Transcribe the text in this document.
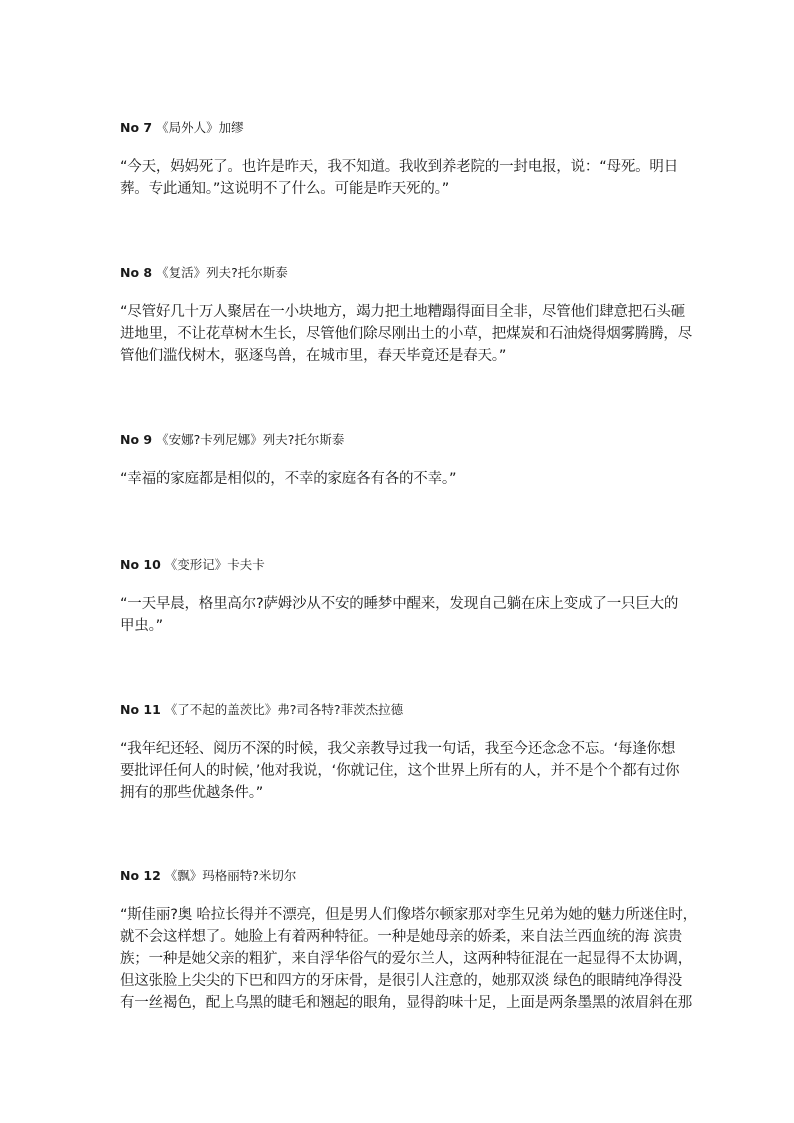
No 7 《局外人》加缪

“今天，妈妈死了。也许是昨天，我不知道。我收到养老院的一封电报，说：“母死。明日

葬。专此通知。”这说明不了什么。可能是昨天死的。”

No 8 《复活》列夫?托尔斯泰

“尽管好几十万人聚居在一小块地方，竭力把土地糟蹋得面目全非，尽管他们肆意把石头砸

进地里，不让花草树木生长，尽管他们除尽刚出土的小草，把煤炭和石油烧得烟雾腾腾，尽

管他们滥伐树木，驱逐鸟兽，在城市里，春天毕竟还是春天。”

No 9 《安娜?卡列尼娜》列夫?托尔斯泰

“幸福的家庭都是相似的，不幸的家庭各有各的不幸。”

No 10 《变形记》卡夫卡

“一天早晨，格里高尔?萨姆沙从不安的睡梦中醒来，发现自己躺在床上变成了一只巨大的

甲虫。”

No 11 《了不起的盖茨比》弗?司各特?菲茨杰拉德

“我年纪还轻、阅历不深的时候，我父亲教导过我一句话，我至今还念念不忘。‘每逢你想

要批评任何人的时候，’他对我说，‘你就记住，这个世界上所有的人，并不是个个都有过你

拥有的那些优越条件。”

No 12 《飘》玛格丽特?米切尔

“斯佳丽?奥 哈拉长得并不漂亮，但是男人们像塔尔顿家那对孪生兄弟为她的魅力所迷住时，

就不会这样想了。她脸上有着两种特征。一种是她母亲的娇柔，来自法兰西血统的海 滨贵

族；一种是她父亲的粗犷，来自浮华俗气的爱尔兰人，这两种特征混在一起显得不太协调，

但这张脸上尖尖的下巴和四方的牙床骨，是很引人注意的，她那双淡 绿色的眼睛纯净得没

有一丝褐色，配上乌黑的睫毛和翘起的眼角，显得韵味十足，上面是两条墨黑的浓眉斜在那
